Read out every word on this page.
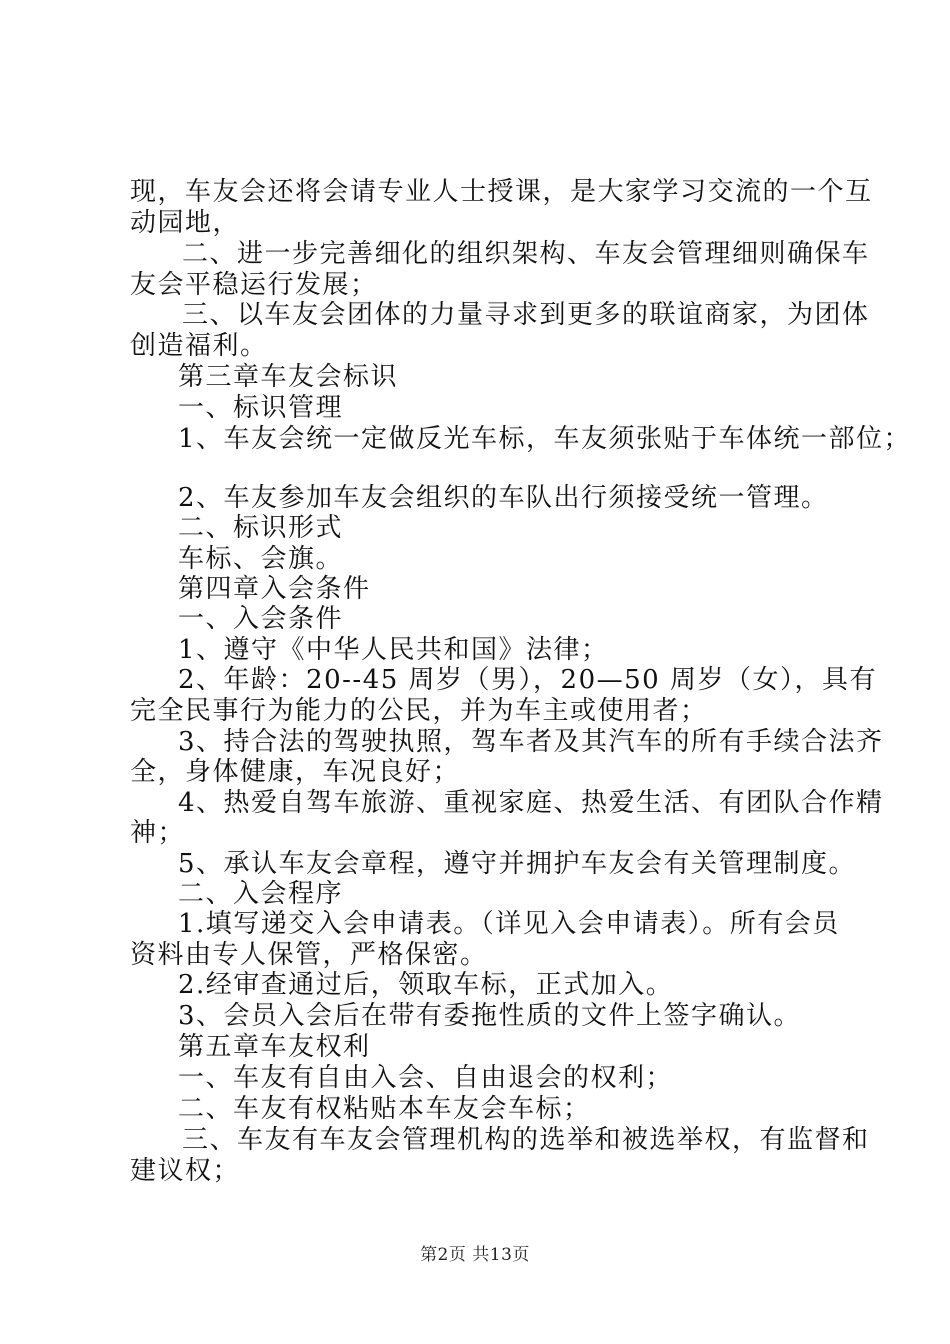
现，车友会还将会请专业人士授课，是大家学习交流的一个互
动园地，
二、进一步完善细化的组织架构、车友会管理细则确保车
友会平稳运行发展；
三、以车友会团体的力量寻求到更多的联谊商家，为团体
创造福利。
第三章车友会标识
一、标识管理
1、车友会统一定做反光车标，车友须张贴于车体统一部位；
2、车友参加车友会组织的车队出行须接受统一管理。
二、标识形式
车标、会旗。
第四章入会条件
一、入会条件
1、遵守《中华人民共和国》法律；
2、年龄：20--45 周岁（男），20—50 周岁（女），具有
完全民事行为能力的公民，并为车主或使用者；
3、持合法的驾驶执照，驾车者及其汽车的所有手续合法齐
全，身体健康，车况良好；
4、热爱自驾车旅游、重视家庭、热爱生活、有团队合作精
神；
5、承认车友会章程，遵守并拥护车友会有关管理制度。
二、入会程序
1.填写递交入会申请表。（详见入会申请表）。所有会员
资料由专人保管，严格保密。
2.经审查通过后，领取车标，正式加入。
3、会员入会后在带有委拖性质的文件上签字确认。
第五章车友权利
一、车友有自由入会、自由退会的权利；
二、车友有权粘贴本车友会车标；
三、车友有车友会管理机构的选举和被选举权，有监督和
建议权；
第2页 共13页
